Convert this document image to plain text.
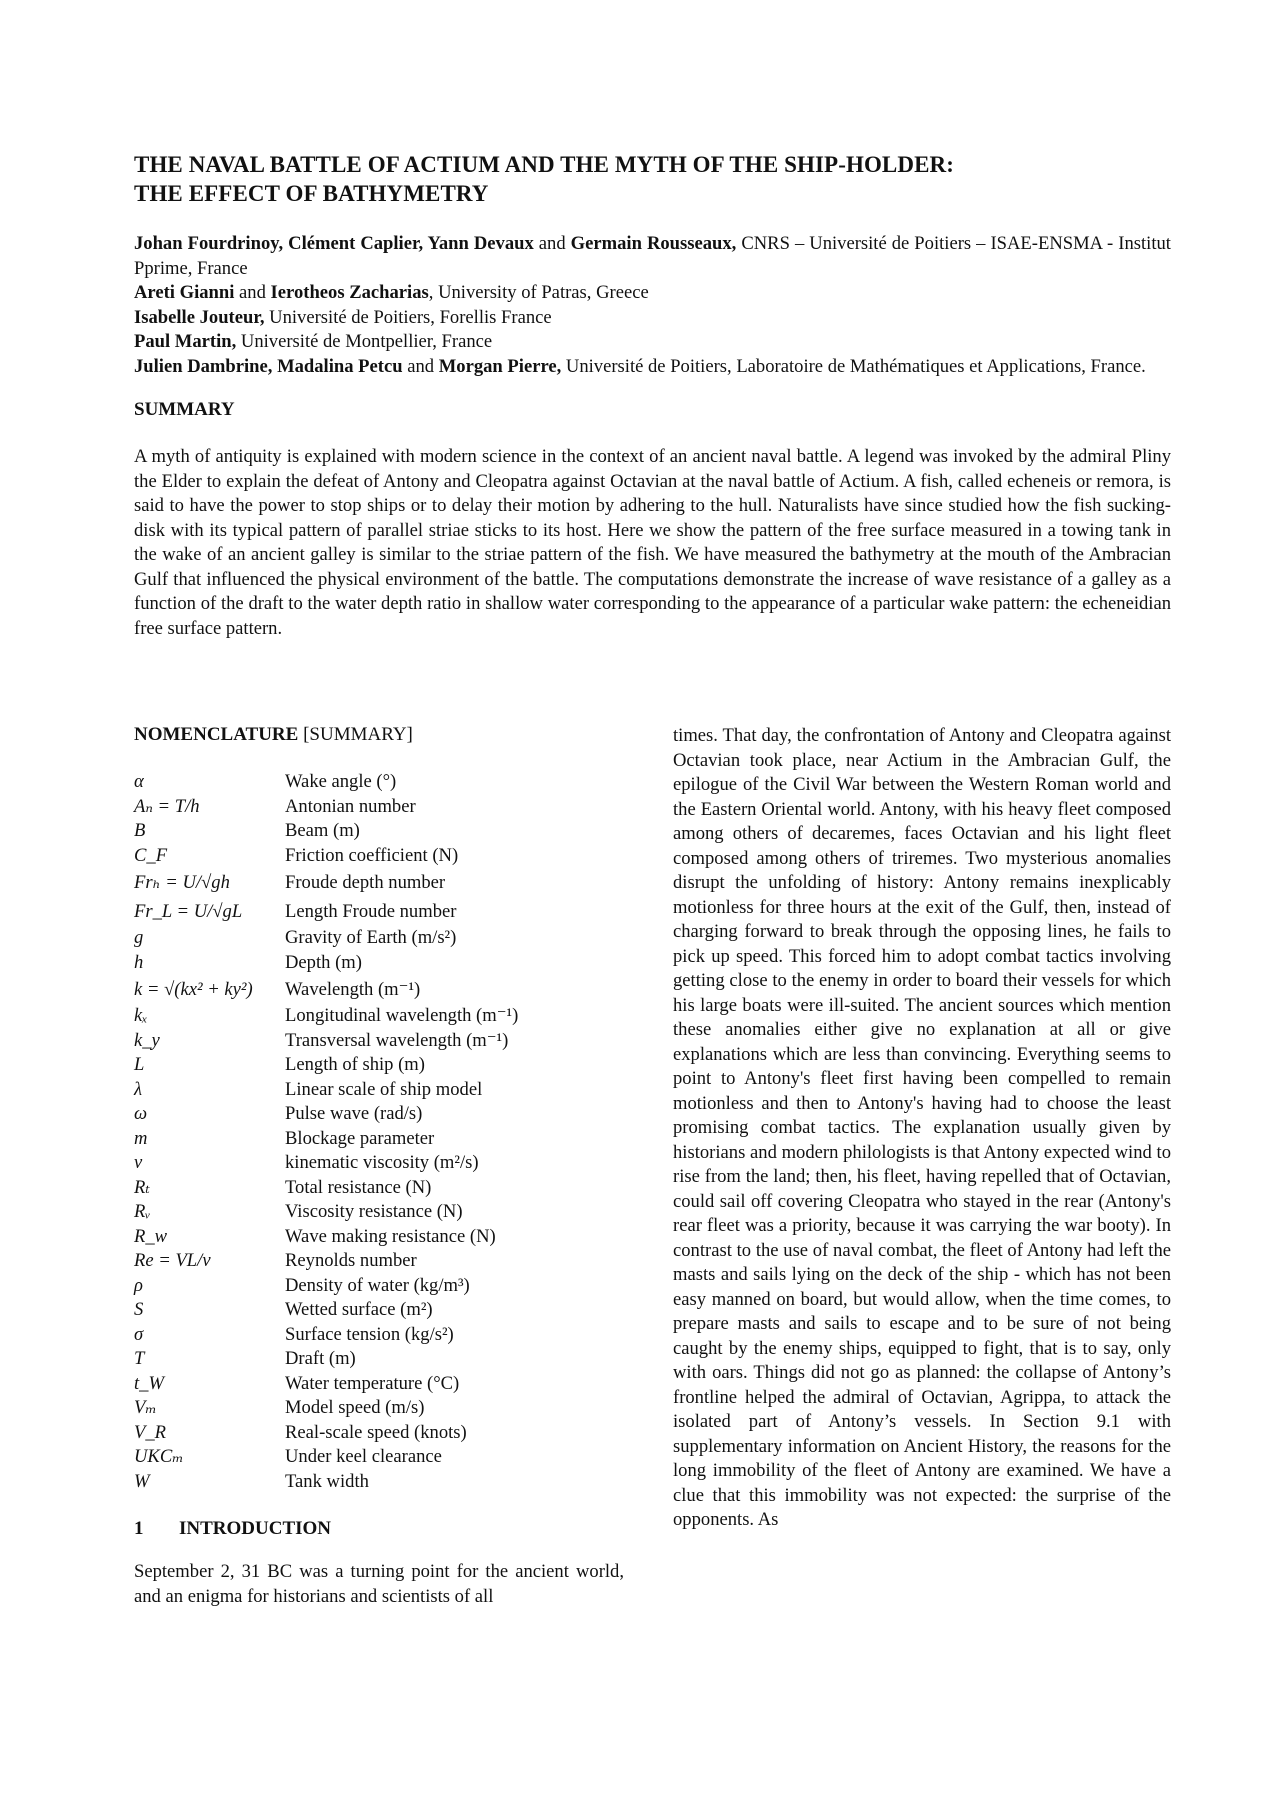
THE NAVAL BATTLE OF ACTIUM AND THE MYTH OF THE SHIP-HOLDER:
THE EFFECT OF BATHYMETRY

Johan Fourdrinoy, Clément Caplier, Yann Devaux and Germain Rousseaux, CNRS – Université de Poitiers – ISAE-ENSMA - Institut Pprime, France

Areti Gianni and Ierotheos Zacharias, University of Patras, Greece

Isabelle Jouteur, Université de Poitiers, Forellis France

Paul Martin, Université de Montpellier, France

Julien Dambrine, Madalina Petcu and Morgan Pierre, Université de Poitiers, Laboratoire de Mathématiques et Applications, France.

SUMMARY

A myth of antiquity is explained with modern science in the context of an ancient naval battle. A legend was invoked by the admiral Pliny the Elder to explain the defeat of Antony and Cleopatra against Octavian at the naval battle of Actium. A fish, called echeneis or remora, is said to have the power to stop ships or to delay their motion by adhering to the hull. Naturalists have since studied how the fish sucking-disk with its typical pattern of parallel striae sticks to its host. Here we show the pattern of the free surface measured in a towing tank in the wake of an ancient galley is similar to the striae pattern of the fish. We have measured the bathymetry at the mouth of the Ambracian Gulf that influenced the physical environment of the battle. The computations demonstrate the increase of wave resistance of a galley as a function of the draft to the water depth ratio in shallow water corresponding to the appearance of a particular wake pattern: the echeneidian free surface pattern.

NOMENCLATURE [SUMMARY]
α	Wake angle (°)
Aₙ = T/h	Antonian number
B	Beam (m)
C_F	Friction coefficient (N)
Frₕ = U/√gh	Froude depth number
Fr_L = U/√gL	Length Froude number
g	Gravity of Earth (m/s²)
h	Depth (m)
k = √(kx² + ky²)	Wavelength (m⁻¹)
kₓ	Longitudinal wavelength (m⁻¹)
k_y	Transversal wavelength (m⁻¹)
L	Length of ship (m)
λ	Linear scale of ship model
ω	Pulse wave (rad/s)
m	Blockage parameter
ν	kinematic viscosity (m²/s)
Rₜ	Total resistance (N)
Rᵥ	Viscosity resistance (N)
R_w	Wave making resistance (N)
Re = VL/ν	Reynolds number
ρ	Density of water (kg/m³)
S	Wetted surface (m²)
σ	Surface tension (kg/s²)
T	Draft (m)
t_W	Water temperature (°C)
Vₘ	Model speed (m/s)
V_R	Real-scale speed (knots)
UKCₘ	Under keel clearance
W	Tank width
1 INTRODUCTION

September 2, 31 BC was a turning point for the ancient world, and an enigma for historians and scientists of all

times. That day, the confrontation of Antony and Cleopatra against Octavian took place, near Actium in the Ambracian Gulf, the epilogue of the Civil War between the Western Roman world and the Eastern Oriental world. Antony, with his heavy fleet composed among others of decaremes, faces Octavian and his light fleet composed among others of triremes. Two mysterious anomalies disrupt the unfolding of history: Antony remains inexplicably motionless for three hours at the exit of the Gulf, then, instead of charging forward to break through the opposing lines, he fails to pick up speed. This forced him to adopt combat tactics involving getting close to the enemy in order to board their vessels for which his large boats were ill-suited. The ancient sources which mention these anomalies either give no explanation at all or give explanations which are less than convincing. Everything seems to point to Antony's fleet first having been compelled to remain motionless and then to Antony's having had to choose the least promising combat tactics. The explanation usually given by historians and modern philologists is that Antony expected wind to rise from the land; then, his fleet, having repelled that of Octavian, could sail off covering Cleopatra who stayed in the rear (Antony's rear fleet was a priority, because it was carrying the war booty). In contrast to the use of naval combat, the fleet of Antony had left the masts and sails lying on the deck of the ship - which has not been easy manned on board, but would allow, when the time comes, to prepare masts and sails to escape and to be sure of not being caught by the enemy ships, equipped to fight, that is to say, only with oars. Things did not go as planned: the collapse of Antony’s frontline helped the admiral of Octavian, Agrippa, to attack the isolated part of Antony’s vessels. In Section 9.1 with supplementary information on Ancient History, the reasons for the long immobility of the fleet of Antony are examined. We have a clue that this immobility was not expected: the surprise of the opponents. As
